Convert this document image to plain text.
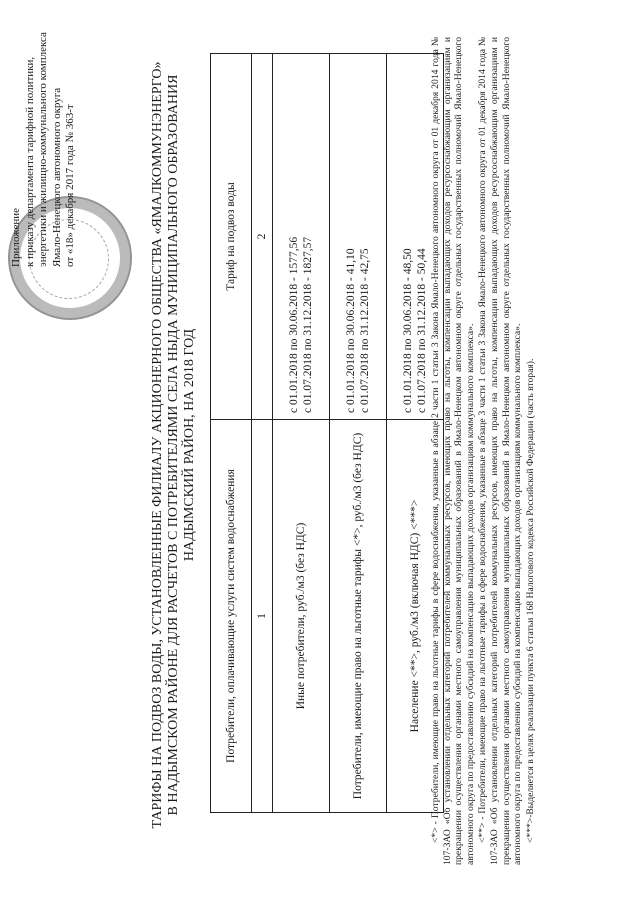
Приложение к приказу департамента тарифной политики, энергетики и жилищно-коммунального комплекса Ямало-Ненецкого автономного округа от «18» декабря 2017 года № 363-т	ТАРИФЫ НА ПОДВОЗ ВОДЫ, УСТАНОВЛЕННЫЕ ФИЛИАЛУ АКЦИОНЕРНОГО ОБЩЕСТВА «ЯМАЛКОММУНЭНЕРГО» В НАДЫМСКОМ РАЙОНЕ ДЛЯ РАСЧЕТОВ С ПОТРЕБИТЕЛЯМИ СЕЛА НЫДА МУНИЦИПАЛЬНОГО ОБРАЗОВАНИЯ НАДЫМСКИЙ РАЙОН, НА 2018 ГОД
Потребители, оплачивающие услуги систем водоснабжения	Тариф на подвоз воды
1	2
Иные потребители, руб./м3 (без НДС)	с 01.01.2018 по 30.06.2018 - 1577,56 с 01.07.2018 по 31.12.2018 - 1827,57

Потребители, имеющие право на льготные тарифы <*>, руб./м3 (без НДС)	с 01.01.2018 по 30.06.2018 - 41,10 с 01.07.2018 по 31.12.2018 - 42,75

Население <**>, руб./м3 (включая НДС) <***>	с 01.01.2018 по 30.06.2018 - 48,50 с 01.07.2018 по 31.12.2018 - 50,44 <*> - Потребители, имеющие право на льготные тарифы в сфере водоснабжения, указанные в абзаце 2 части 1 статьи 3 Закона Ямало-Ненецкого автономного округа от 01 декабря 2014 года № 107-ЗАО «Об установлении отдельных категорий потребителей коммунальных ресурсов, имеющих право на льготы, компенсации выпадающих доходов ресурсоснабжающим организациям и прекращении осуществления органами местного самоуправления муниципальных образований в Ямало-Ненецком автономном округе отдельных государственных полномочий Ямало-Ненецкого автономного округа по предоставлению субсидий на компенсацию выпадающих доходов организациям коммунального комплекса». <**> - Потребители, имеющие право на льготные тарифы в сфере водоснабжения, указанные в абзаце 3 части 1 статьи 3 Закона Ямало-Ненецкого автономного округа от 01 декабря 2014 года № 107-ЗАО «Об установлении отдельных категорий потребителей коммунальных ресурсов, имеющих право на льготы, компенсации выпадающих доходов ресурсоснабжающим организациям и прекращении осуществления органами местного самоуправления муниципальных образований в Ямало-Ненецком автономном округе отдельных государственных полномочий Ямало-Ненецкого автономного округа по предоставлению субсидий на компенсацию выпадающих доходов организациям коммунального комплекса». <***>-Выделяется в целях реализации пункта 6 статьи 168 Налогового кодекса Российской Федерации (часть вторая).
